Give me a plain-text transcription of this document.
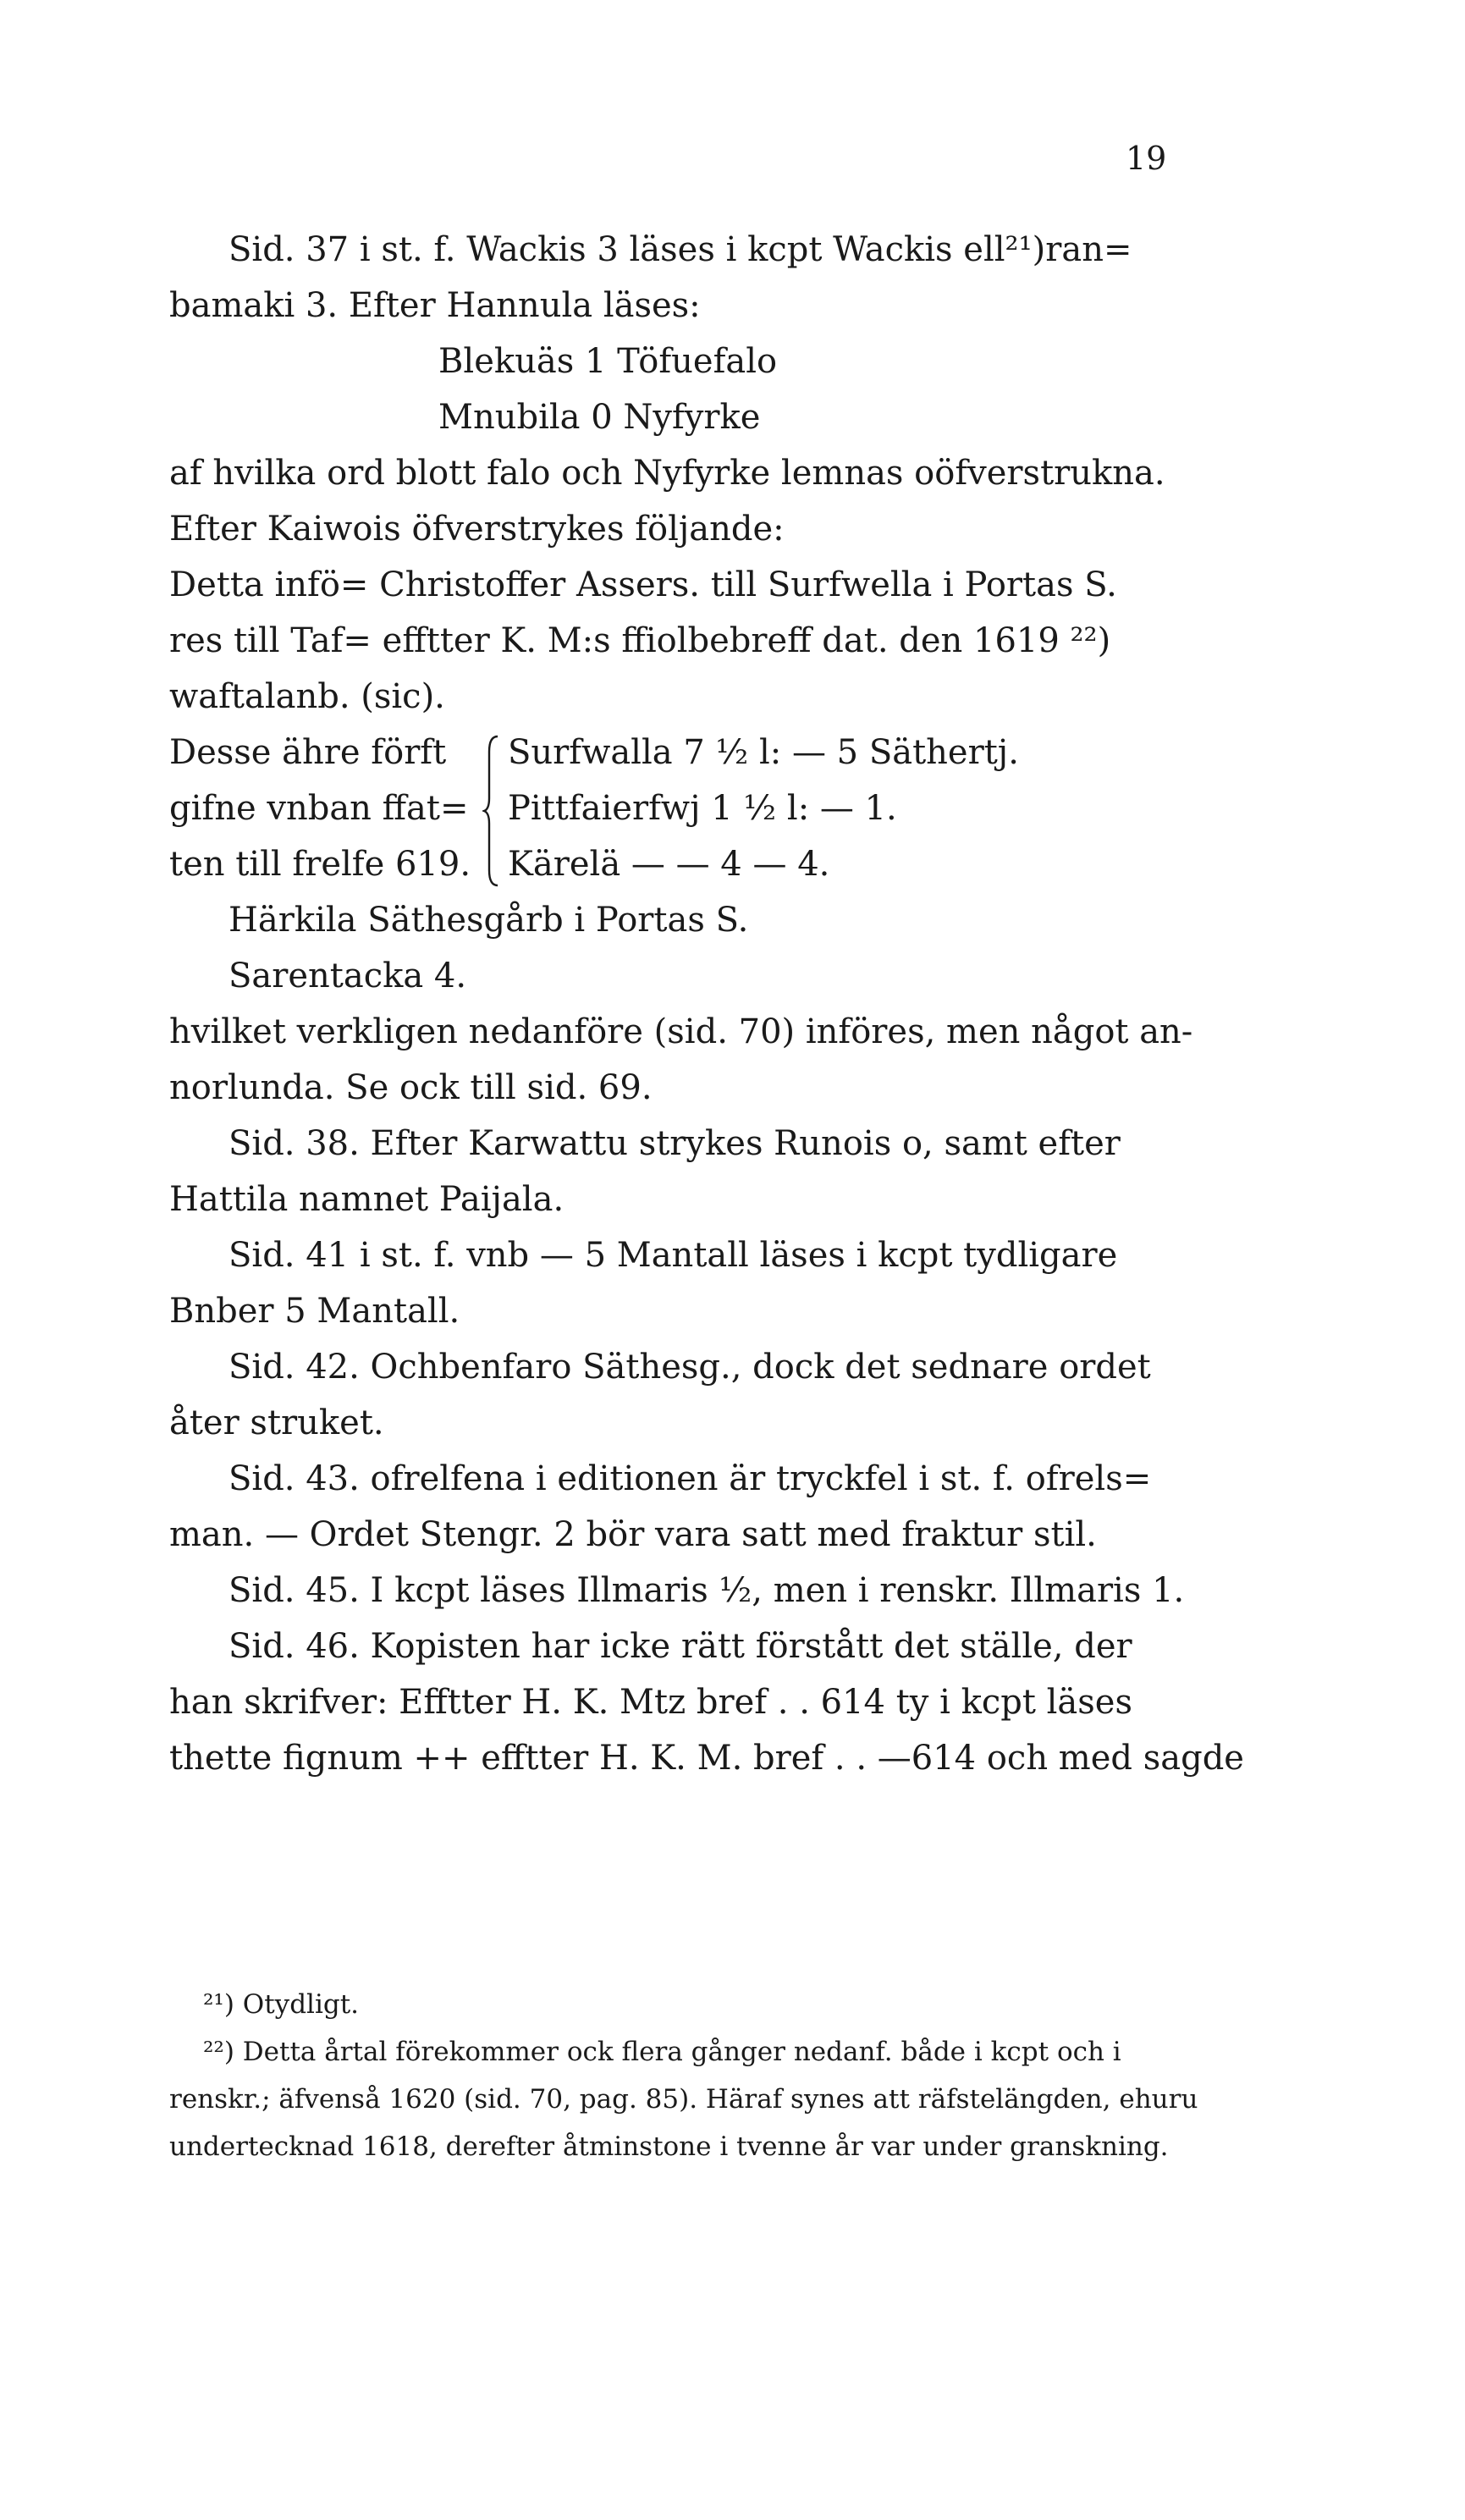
19
Sid. 37 i st. f. Wackis 3 läses i kcpt Wackis ell²¹)ran=
bamaki 3. Efter Hannula läses:
Blekuäs 1 Töfuefalo
Mnubila 0 Nyfyrke
af hvilka ord blott falo och Nyfyrke lemnas oöfverstrukna.
Efter Kaiwois öfverstrykes följande:
Detta infö= Christoffer Assers. till Surfwella i Portas S.
res till Taf= efftter K. M:s ffiolbebreff dat. den 1619 ²²)
waftalanb. (sic).
Desse ähre förft
gifne vnban ffat=
ten till frelfe 619.
Surfwalla 7 ½ l: — 5 Säthertj.
Pittfaierfwj 1 ½ l: — 1.
Kärelä — — 4 — 4.
Härkila Säthesgårb i Portas S.
Sarentacka 4.
hvilket verkligen nedanföre (sid. 70) införes, men något an-
norlunda. Se ock till sid. 69.
Sid. 38. Efter Karwattu strykes Runois o, samt efter
Hattila namnet Paijala.
Sid. 41 i st. f. vnb — 5 Mantall läses i kcpt tydligare
Bnber 5 Mantall.
Sid. 42. Ochbenfaro Säthesg., dock det sednare ordet
åter struket.
Sid. 43. ofrelfena i editionen är tryckfel i st. f. ofrels=
man. — Ordet Stengr. 2 bör vara satt med fraktur stil.
Sid. 45. I kcpt läses Illmaris ½, men i renskr. Illmaris 1.
Sid. 46. Kopisten har icke rätt förstått det ställe, der
han skrifver: Efftter H. K. Mtz bref . . 614 ty i kcpt läses
thette fignum ++ efftter H. K. M. bref . . —614 och med sagde
²¹) Otydligt.
²²) Detta årtal förekommer ock flera gånger nedanf. både i kcpt och i
renskr.; äfvenså 1620 (sid. 70, pag. 85). Häraf synes att räfstelängden, ehuru
undertecknad 1618, derefter åtminstone i tvenne år var under granskning.
